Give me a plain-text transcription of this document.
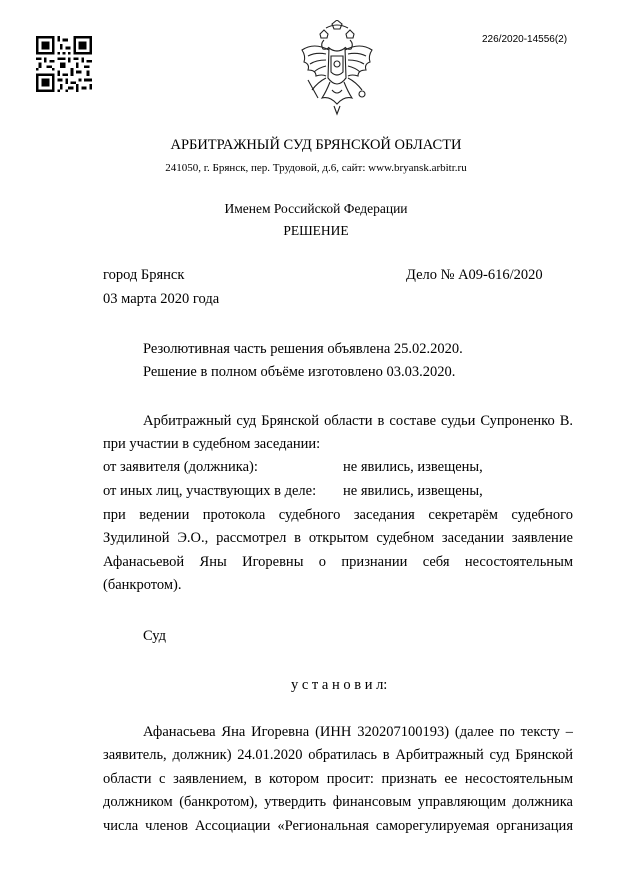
226/2020-14556(2)
АРБИТРАЖНЫЙ СУД БРЯНСКОЙ ОБЛАСТИ
241050, г. Брянск, пер. Трудовой, д.6, сайт: www.bryansk.arbitr.ru
Именем Российской Федерации
РЕШЕНИЕ
город Брянск	Дело № А09-616/2020
03 марта 2020 года
Резолютивная часть решения объявлена 25.02.2020.
Решение в полном объёме изготовлено 03.03.2020.
Арбитражный суд Брянской области в составе судьи Супроненко В.
при участии в судебном заседании:
от заявителя (должника):	не явились, извещены,
от иных лиц, участвующих в деле: не явились, извещены,
при ведении протокола судебного заседания секретарём судебного
Зудилиной Э.О., рассмотрел в открытом судебном заседании заявление
Афанасьевой Яны Игоревны о признании себя несостоятельным
(банкротом).
Суд
у с т а н о в и л:
Афанасьева Яна Игоревна (ИНН 320207100193) (далее по тексту –
заявитель, должник) 24.01.2020 обратилась в Арбитражный суд Брянской
области с заявлением, в котором просит: признать ее несостоятельным
должником (банкротом), утвердить финансовым управляющим должника
числа членов Ассоциации «Региональная саморегулируемая организация
